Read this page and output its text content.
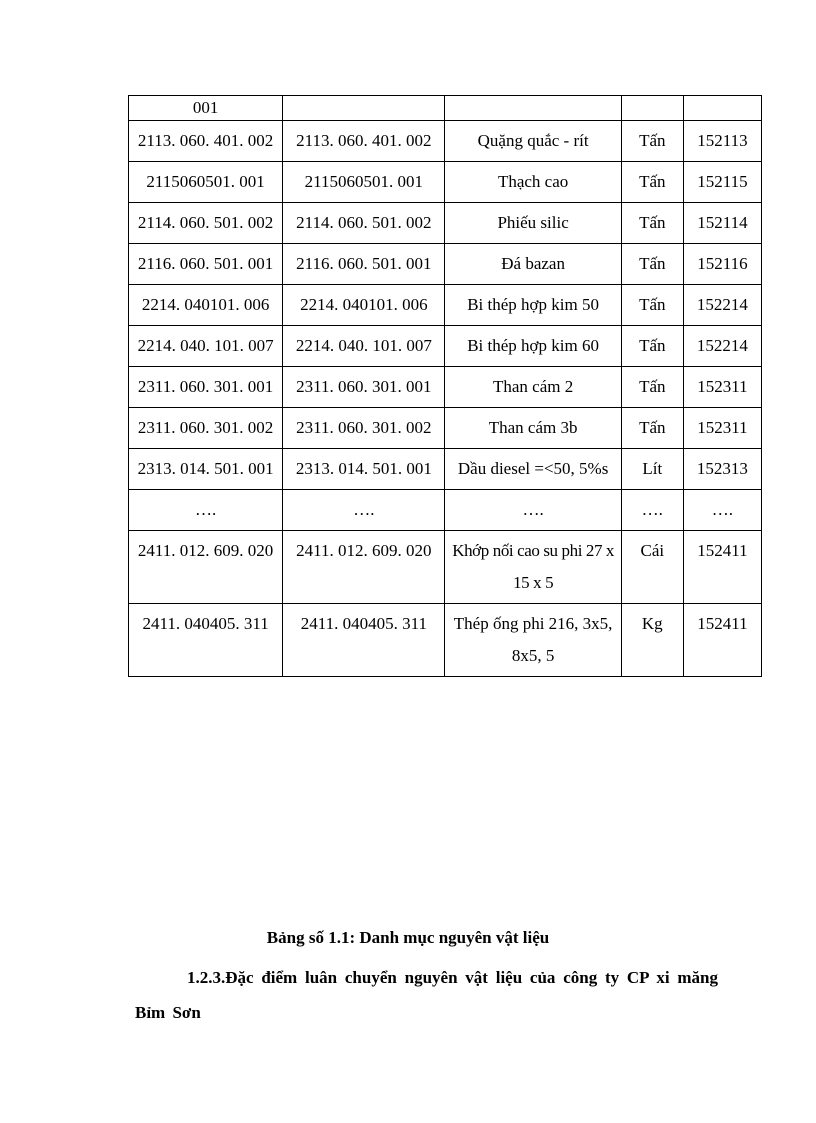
001				
2113. 060. 401. 002	2113. 060. 401. 002	Quặng quắc - rít	Tấn	152113
2115060501. 001	2115060501. 001	Thạch cao	Tấn	152115
2114. 060. 501. 002	2114. 060. 501. 002	Phiếu silic	Tấn	152114
2116. 060. 501. 001	2116. 060. 501. 001	Đá bazan	Tấn	152116
2214. 040101. 006	2214. 040101. 006	Bi thép hợp kim 50	Tấn	152214
2214. 040. 101. 007	2214. 040. 101. 007	Bi thép hợp kim 60	Tấn	152214
2311. 060. 301. 001	2311. 060. 301. 001	Than cám 2	Tấn	152311
2311. 060. 301. 002	2311. 060. 301. 002	Than cám 3b	Tấn	152311
2313. 014. 501. 001	2313. 014. 501. 001	Dầu diesel =<50, 5%s	Lít	152313
….	….	….	….	….
2411. 012. 609. 020	2411. 012. 609. 020	Khớp nối cao su phi 27 x 15 x 5	Cái	152411
2411. 040405. 311	2411. 040405. 311	Thép ống phi 216, 3x5, 8x5, 5	Kg	152411
Bảng số 1.1: Danh mục nguyên vật liệu
1.2.3.Đặc điểm luân chuyển nguyên vật liệu của công ty CP xi măng Bỉm Sơn
